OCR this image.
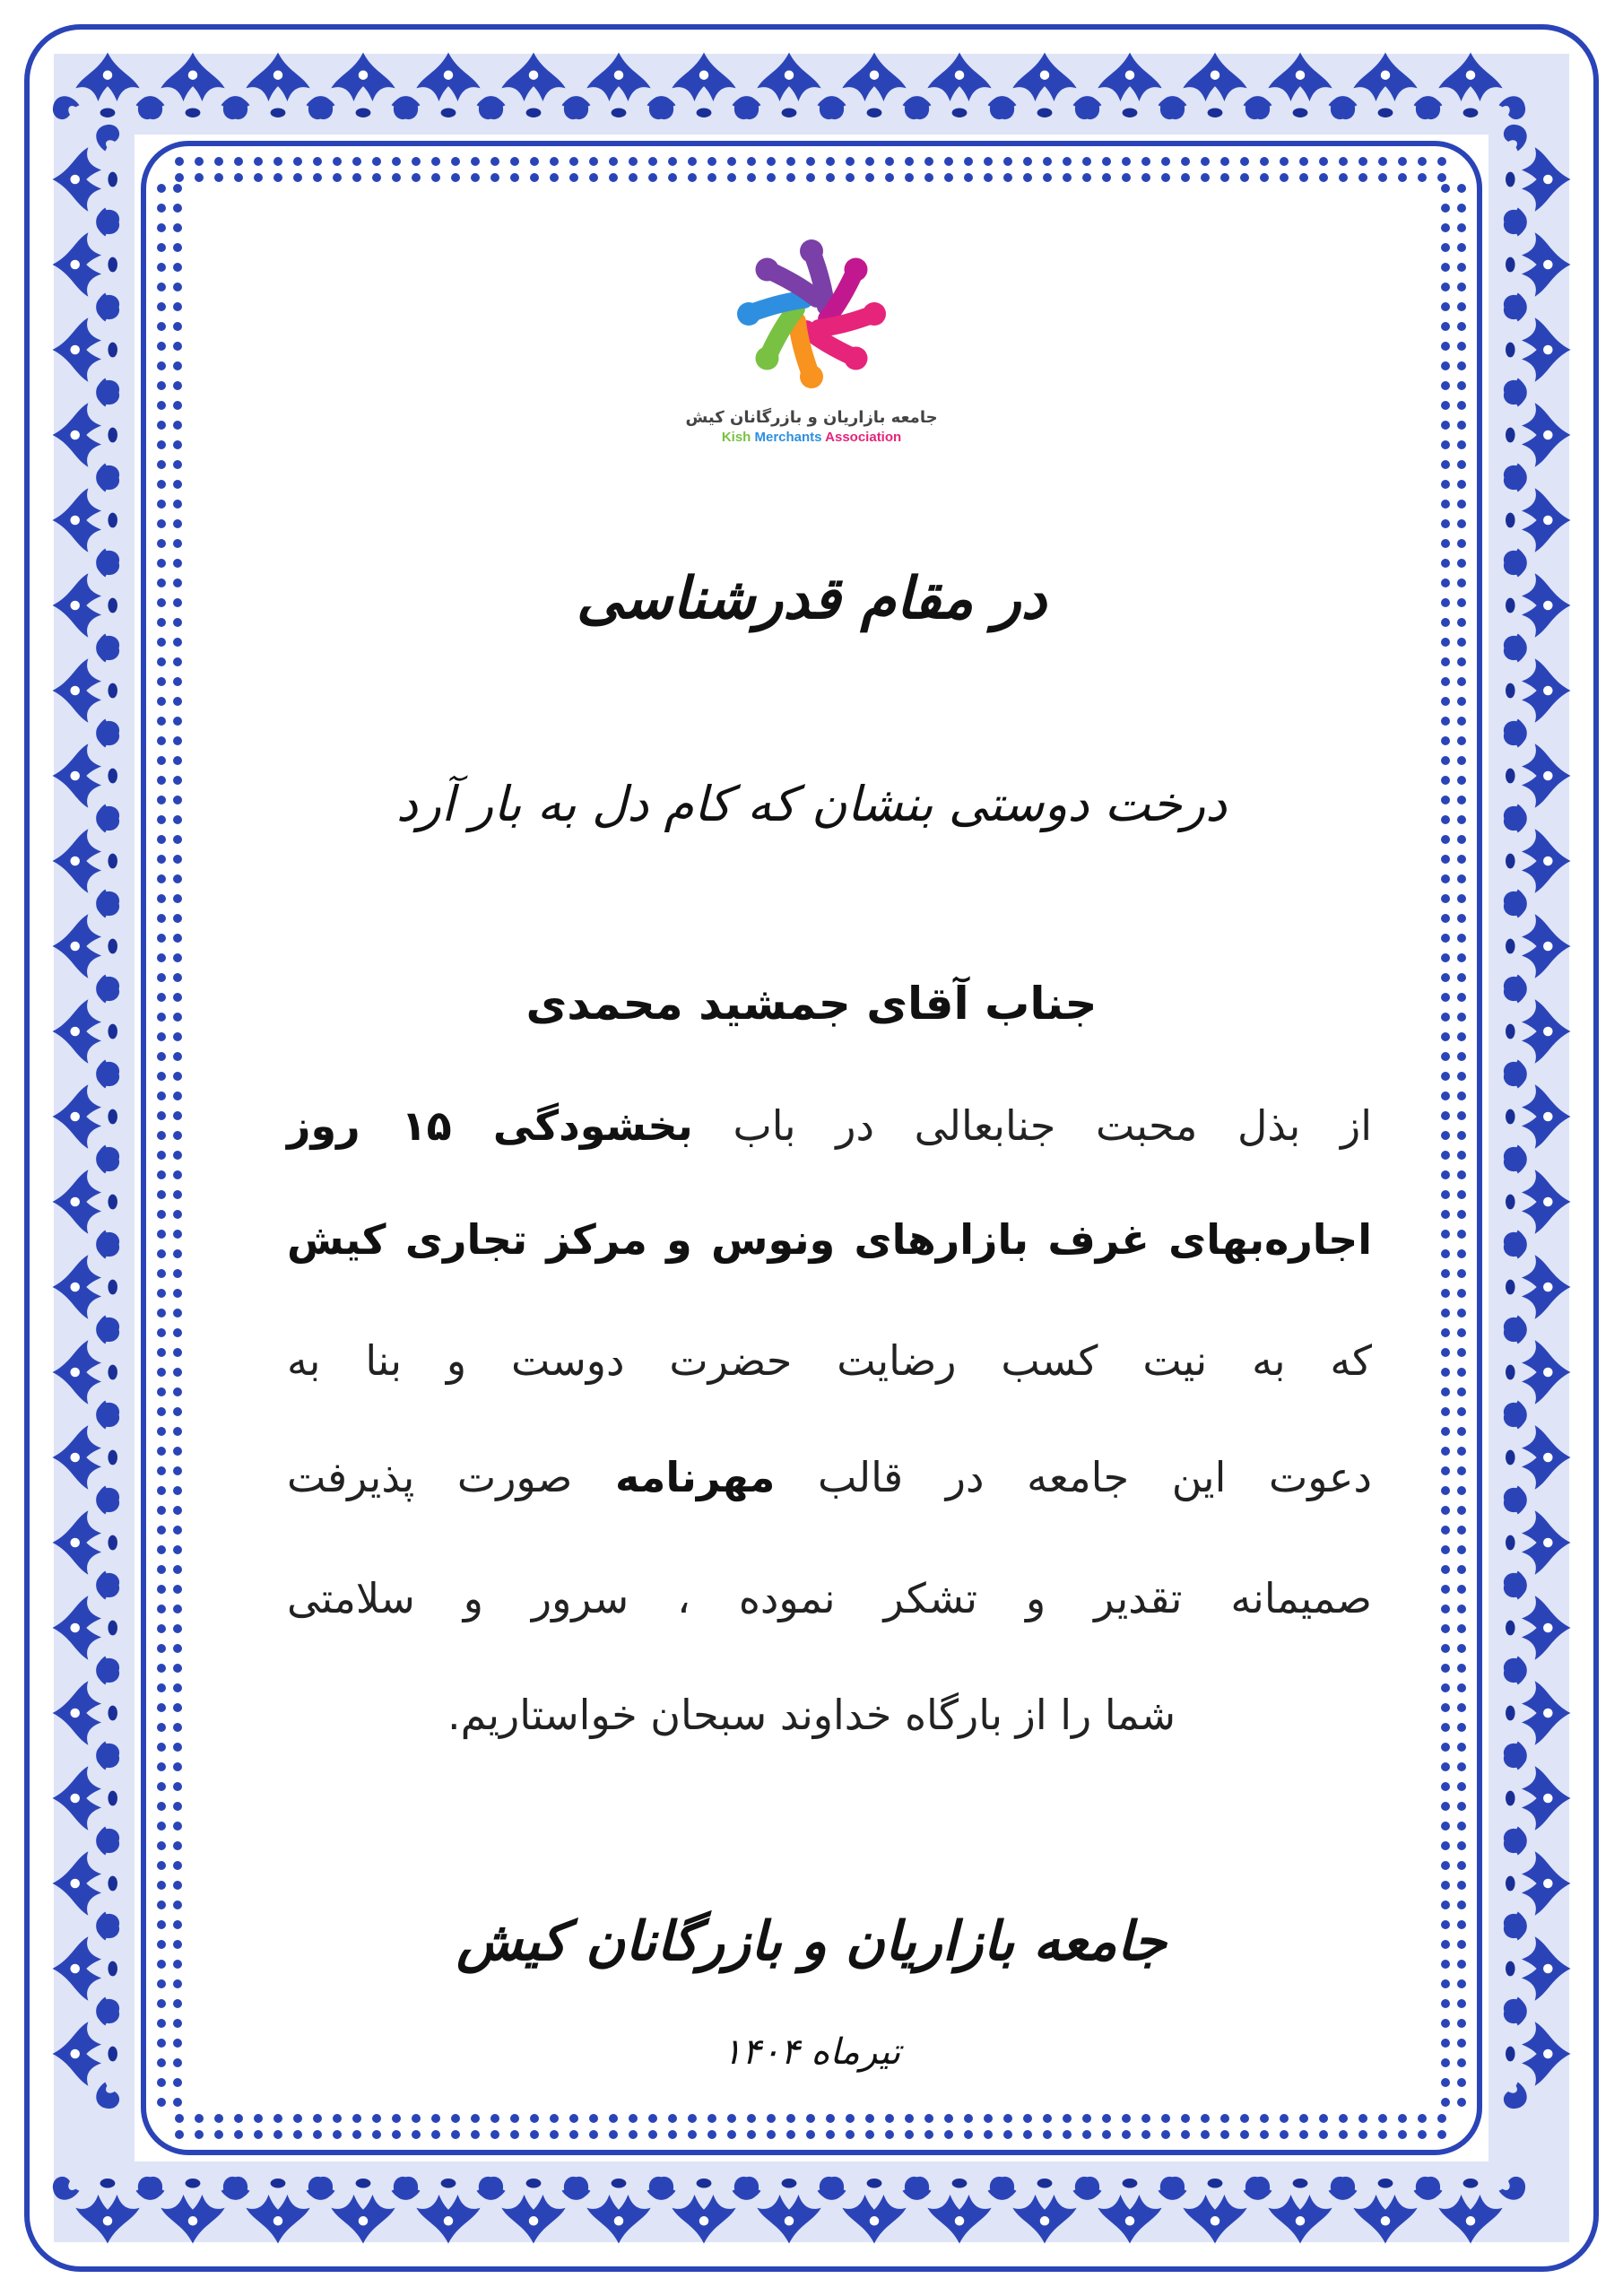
جامعه بازاریان و بازرگانان کیش
Kish Merchants Association
در مقام قدرشناسی
درخت دوستی بنشان که کام دل به بار آرد
جناب آقای جمشید محمدی
از بذل محبت جنابعالی در باب بخشودگی ۱۵ روز
اجاره‌بهای غرف بازارهای ونوس و مرکز تجاری کیش
که به نیت کسب رضایت حضرت دوست و بنا به
دعوت این جامعه در قالب مهرنامه صورت پذیرفت
صمیمانه تقدیر و تشکر نموده ، سرور و سلامتی
شما را از بارگاه خداوند سبحان خواستاریم.
جامعه بازاریان و بازرگانان کیش
تیرماه ۱۴۰۴
